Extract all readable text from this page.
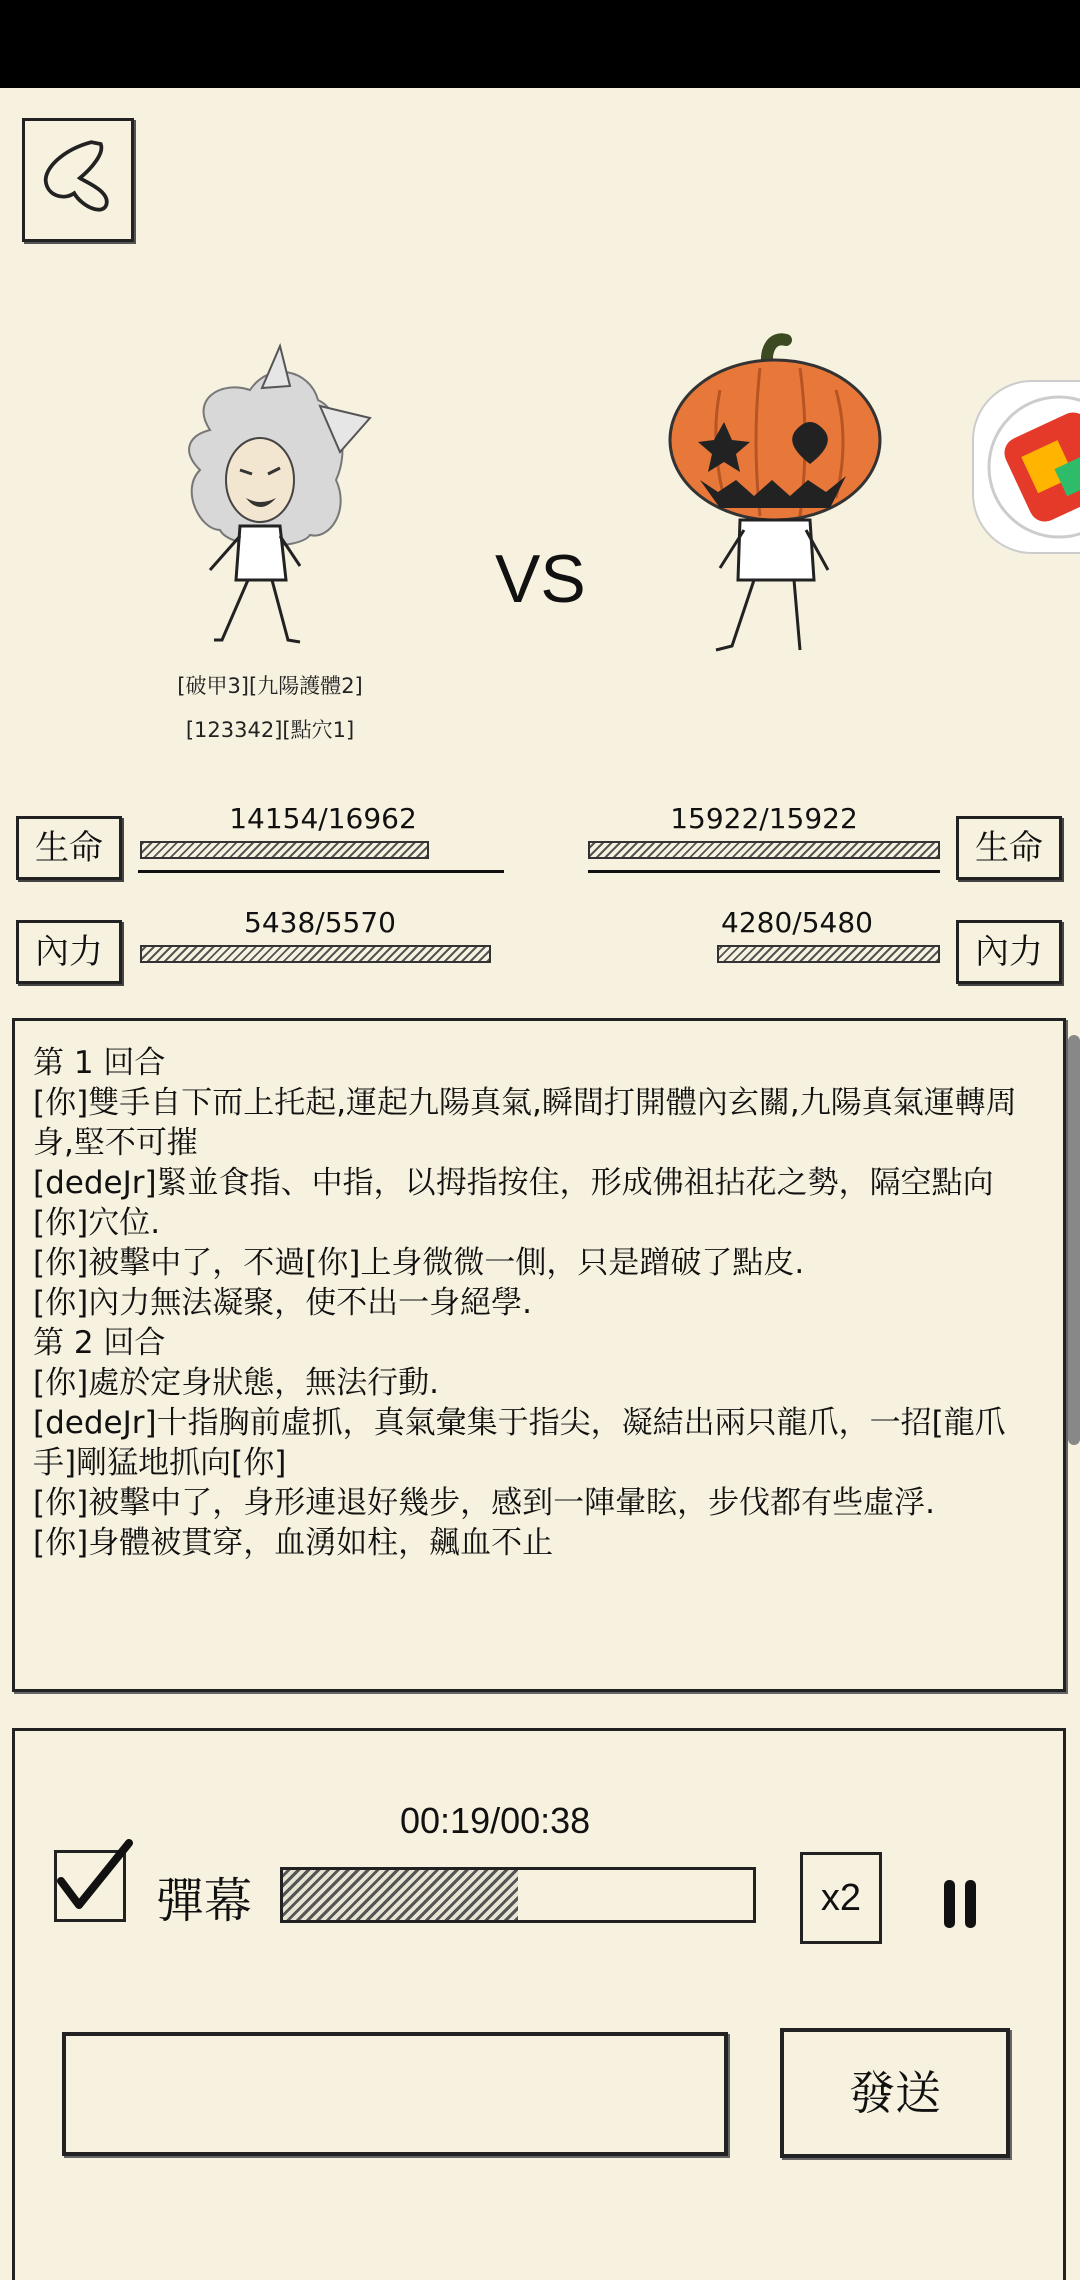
[破甲3][九陽護體2]
[123342][點穴1]
VS
生命
14154/16962	15922/15922
生命
內力
5438/5570	4280/5480
內力

第 1 回合

[你]雙手自下而上托起,運起九陽真氣,瞬間打開體內玄關,九陽真氣運轉周身,堅不可摧

[dedeJr]緊並食指、中指，以拇指按住，形成佛祖拈花之勢，隔空點向[你]穴位.

[你]被擊中了，不過[你]上身微微一側，只是蹭破了點皮.

[你]內力無法凝聚，使不出一身絕學.

第 2 回合

[你]處於定身狀態，無法行動.

[dedeJr]十指胸前虛抓，真氣彙集于指尖，凝結出兩只龍爪，一招[龍爪手]剛猛地抓向[你]

[你]被擊中了，身形連退好幾步，感到一陣暈眩，步伐都有些虛浮.

[你]身體被貫穿，血湧如柱，飆血不止

00:19/00:38
彈幕	x2
發送
